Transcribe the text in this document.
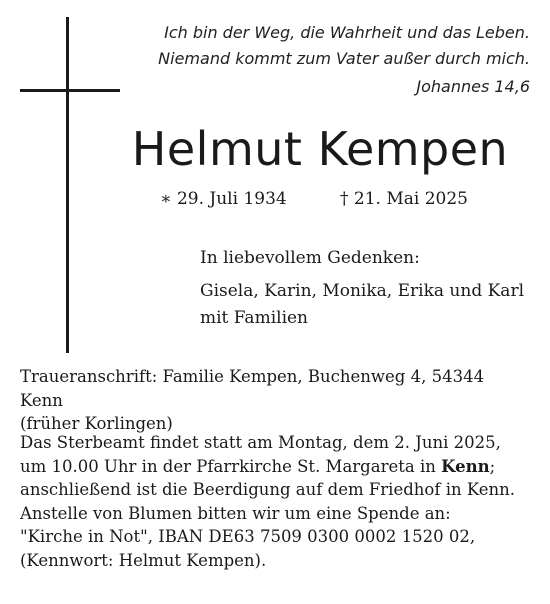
Ich bin der Weg, die Wahrheit und das Leben.
Niemand kommt zum Vater außer durch mich.
Johannes 14,6
Helmut Kempen
∗ 29. Juli 1934	† 21. Mai 2025
In liebevollem Gedenken:
Gisela, Karin, Monika, Erika und Karl
mit Familien
Traueranschrift: Familie Kempen, Buchenweg 4, 54344 Kenn
(früher Korlingen)
Das Sterbeamt findet statt am Montag, dem 2. Juni 2025,
um 10.00 Uhr in der Pfarrkirche St. Margareta in Kenn;
anschließend ist die Beerdigung auf dem Friedhof in Kenn.
Anstelle von Blumen bitten wir um eine Spende an:
"Kirche in Not", IBAN DE63 7509 0300 0002 1520 02,
(Kennwort: Helmut Kempen).
